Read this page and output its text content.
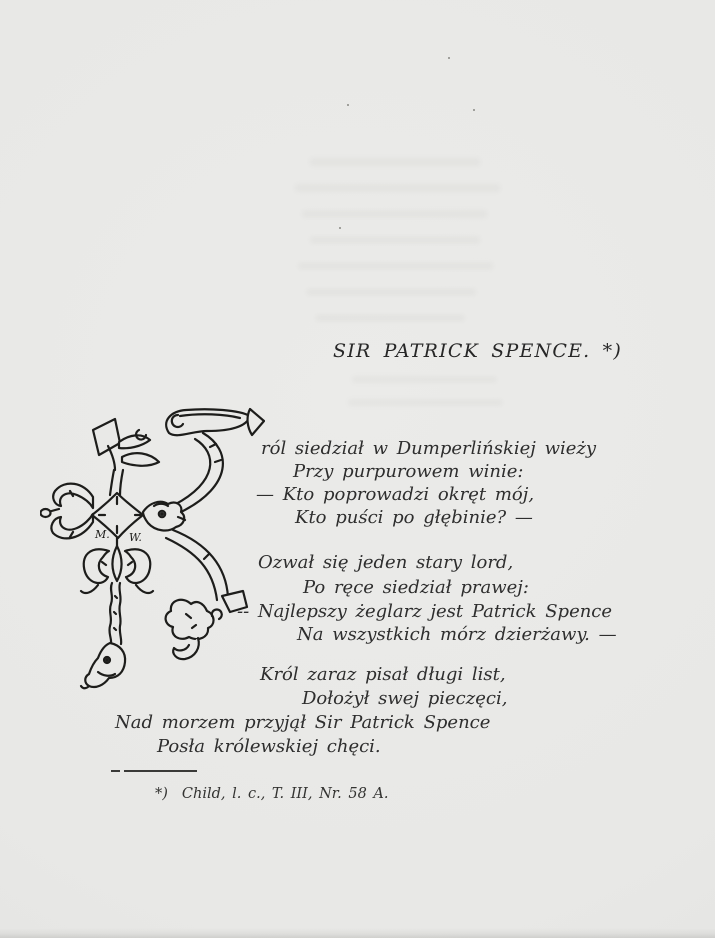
SIR PATRICK SPENCE. *)
M. W.
ról siedział w Dumperlińskiej wieży
Przy purpurowem winie:
— Kto poprowadzi okręt mój,
Kto puści po głębinie? —
Ozwał się jeden stary lord,
Po ręce siedział prawej:
-- Najlepszy żeglarz jest Patrick Spence
Na wszystkich mórz dzierżawy. —
Król zaraz pisał długi list,
Dołożył swej pieczęci,
Nad morzem przyjął Sir Patrick Spence
Posła królewskiej chęci.
*) Child, l. c., T. III, Nr. 58 A.
